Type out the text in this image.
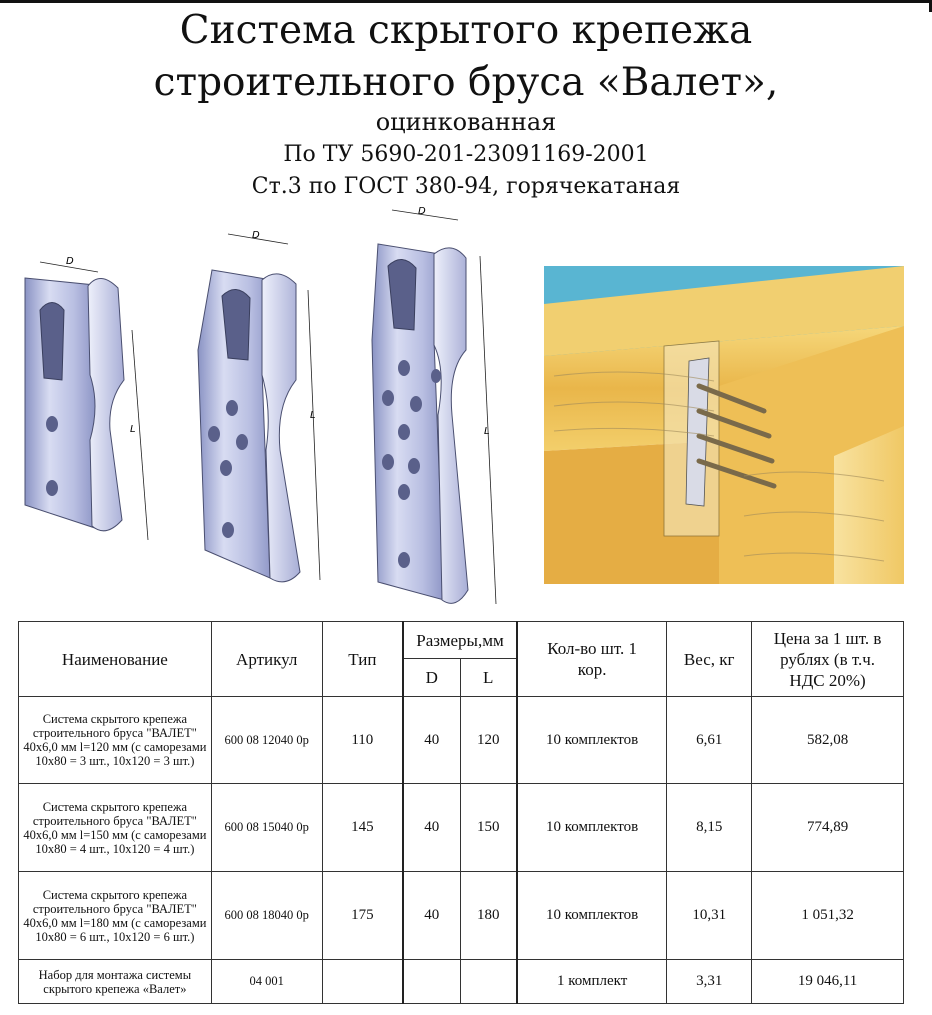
Система скрытого крепежа
строительного бруса «Валет»,
оцинкованная
По ТУ 5690-201-23091169-2001
Ст.3 по ГОСТ 380-94, горячекатаная
D
L
D
L
D
L
Наименование	Артикул	Тип	Размеры,мм		Кол-во шт. 1 кор.	Вес, кг	Цена за 1 шт. в рублях (в т.ч. НДС 20%)
			D	L			
Система скрытого крепежа строительного бруса "ВАЛЕТ" 40х6,0 мм l=120 мм (с саморезами 10х80 = 3 шт., 10х120 = 3 шт.)	600 08 12040 0р	110	40	120	10 комплектов	6,61	582,08
Система скрытого крепежа строительного бруса "ВАЛЕТ" 40х6,0 мм l=150 мм (с саморезами 10х80 = 4 шт., 10х120 = 4 шт.)	600 08 15040 0р	145	40	150	10 комплектов	8,15	774,89
Система скрытого крепежа строительного бруса "ВАЛЕТ" 40х6,0 мм l=180 мм (с саморезами 10х80 = 6 шт., 10х120 = 6 шт.)	600 08 18040 0р	175	40	180	10 комплектов	10,31	1 051,32
Набор для монтажа системы скрытого крепежа «Валет»	04 001				1 комплект	3,31	19 046,11
